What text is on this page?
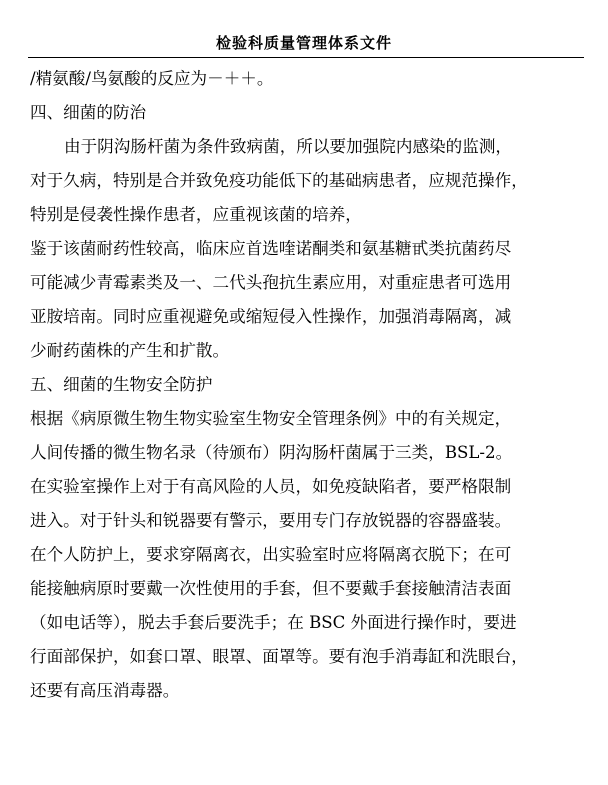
检验科质量管理体系文件
/精氨酸/鸟氨酸的反应为－＋＋。
四、细菌的防治
由于阴沟肠杆菌为条件致病菌，所以要加强院内感染的监测，
对于久病，特别是合并致免疫功能低下的基础病患者，应规范操作，
特别是侵袭性操作患者，应重视该菌的培养，
鉴于该菌耐药性较高，临床应首选喹诺酮类和氨基糖甙类抗菌药尽
可能减少青霉素类及一、二代头孢抗生素应用，对重症患者可选用
亚胺培南。同时应重视避免或缩短侵入性操作，加强消毒隔离，减
少耐药菌株的产生和扩散。
五、细菌的生物安全防护
根据《病原微生物生物实验室生物安全管理条例》中的有关规定，
人间传播的微生物名录（待颁布）阴沟肠杆菌属于三类，BSL-2。
在实验室操作上对于有高风险的人员，如免疫缺陷者，要严格限制
进入。对于针头和锐器要有警示，要用专门存放锐器的容器盛装。
在个人防护上，要求穿隔离衣，出实验室时应将隔离衣脱下；在可
能接触病原时要戴一次性使用的手套，但不要戴手套接触清洁表面
（如电话等），脱去手套后要洗手；在 BSC 外面进行操作时，要进
行面部保护，如套口罩、眼罩、面罩等。要有泡手消毒缸和洗眼台，
还要有高压消毒器。
